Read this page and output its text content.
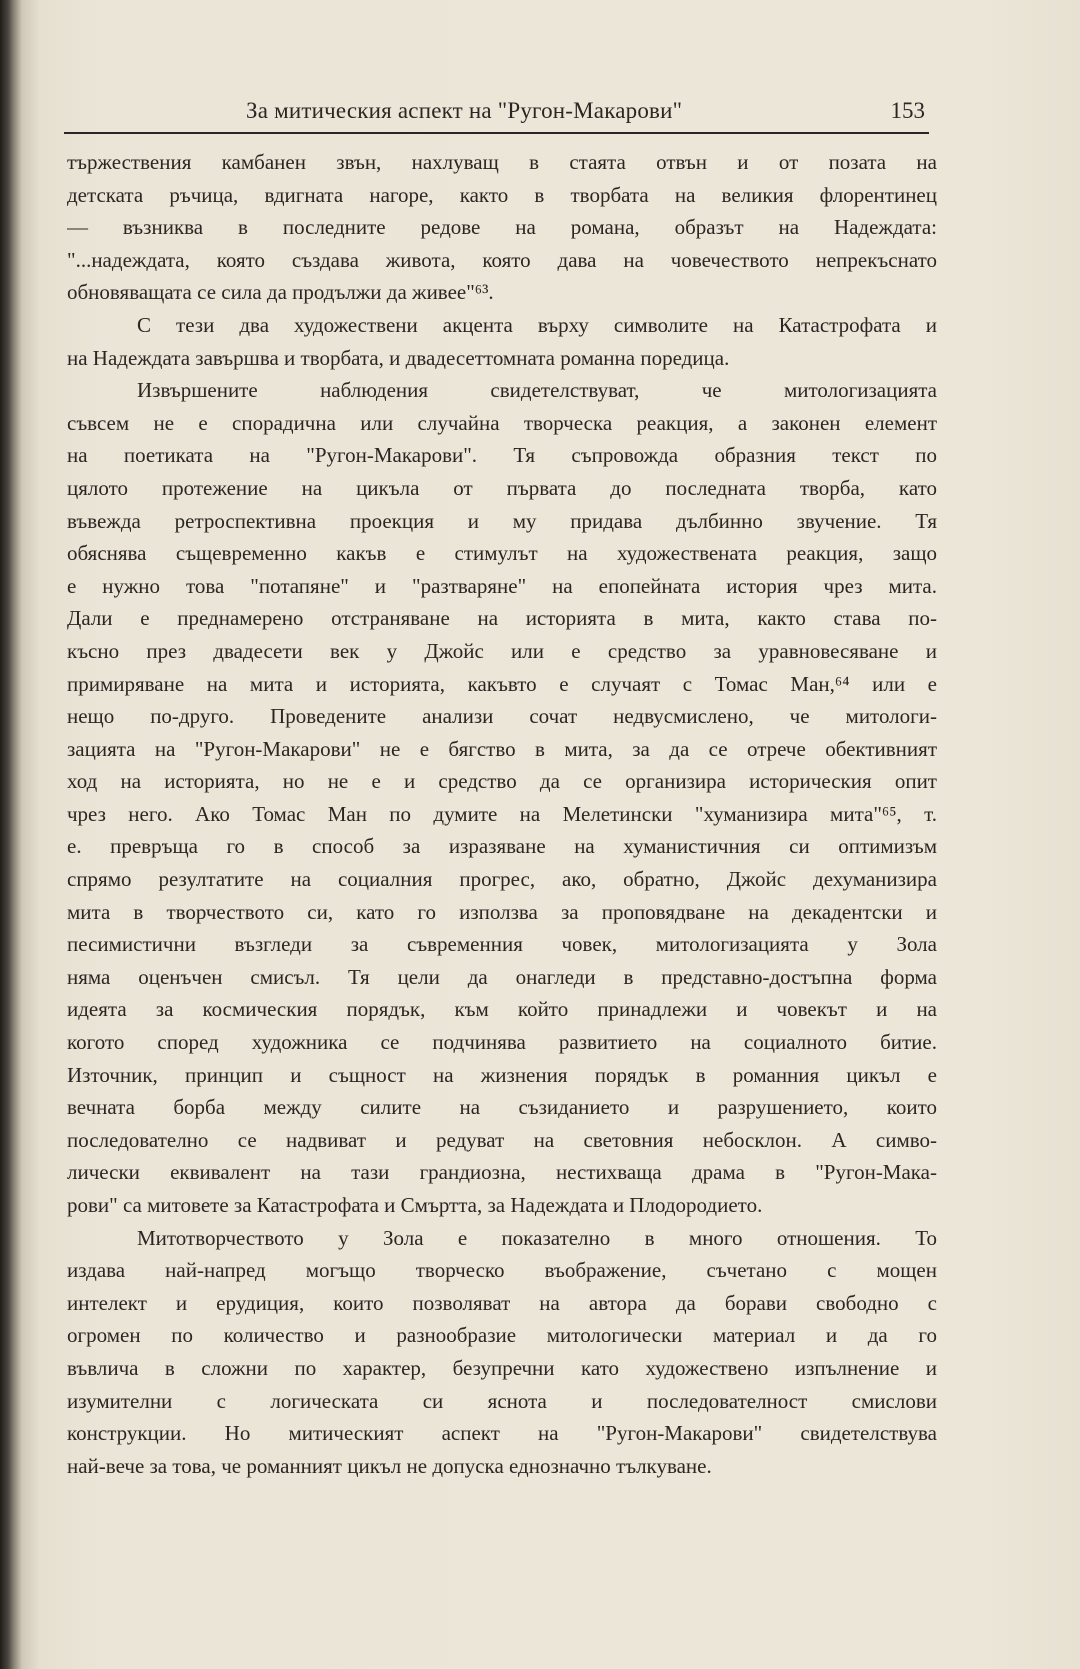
За митическия аспект на "Ругон-Макарови"	153
тържествения камбанен звън, нахлуващ в стаята отвън и от позата на
детската ръчица, вдигната нагоре, както в творбата на великия флорентинец
— възниква в последните редове на романа, образът на Надеждата:
"...надеждата, която създава живота, която дава на човечеството непрекъснато
обновяващата се сила да продължи да живее"⁶³.
С тези два художествени акцента върху символите на Катастрофата и
на Надеждата завършва и творбата, и двадесеттомната романна поредица.
Извършените наблюдения свидетелствуват, че митологизацията
съвсем не е спорадична или случайна творческа реакция, а законен елемент
на поетиката на "Ругон-Макарови". Тя съпровожда образния текст по
цялото протежение на цикъла от първата до последната творба, като
въвежда ретроспективна проекция и му придава дълбинно звучение. Тя
обяснява същевременно какъв е стимулът на художествената реакция, защо
е нужно това "потапяне" и "разтваряне" на епопейната история чрез мита.
Дали е преднамерено отстраняване на историята в мита, както става по-
късно през двадесети век у Джойс или е средство за уравновесяване и
примиряване на мита и историята, какъвто е случаят с Томас Ман,⁶⁴ или е
нещо по-друго. Проведените анализи сочат недвусмислено, че митологи-
зацията на "Ругон-Макарови" не е бягство в мита, за да се отрече обективният
ход на историята, но не е и средство да се организира историческия опит
чрез него. Ако Томас Ман по думите на Мелетински "хуманизира мита"⁶⁵, т.
е. превръща го в способ за изразяване на хуманистичния си оптимизъм
спрямо резултатите на социалния прогрес, ако, обратно, Джойс дехуманизира
мита в творчеството си, като го използва за проповядване на декадентски и
песимистични възгледи за съвременния човек, митологизацията у Зола
няма оценъчен смисъл. Тя цели да онагледи в представно-достъпна форма
идеята за космическия порядък, към който принадлежи и човекът и на
когото според художника се подчинява развитието на социалното битие.
Източник, принцип и същност на жизнения порядък в романния цикъл е
вечната борба между силите на съзиданието и разрушението, които
последователно се надвиват и редуват на световния небосклон. А симво-
лически еквивалент на тази грандиозна, нестихваща драма в "Ругон-Мака-
рови" са митовете за Катастрофата и Смъртта, за Надеждата и Плодородието.
Митотворчеството у Зола е показателно в много отношения. То
издава най-напред могъщо творческо въображение, съчетано с мощен
интелект и ерудиция, които позволяват на автора да борави свободно с
огромен по количество и разнообразие митологически материал и да го
въвлича в сложни по характер, безупречни като художествено изпълнение и
изумителни с логическата си яснота и последователност смислови
конструкции. Но митическият аспект на "Ругон-Макарови" свидетелствува
най-вече за това, че романният цикъл не допуска еднозначно тълкуване.
